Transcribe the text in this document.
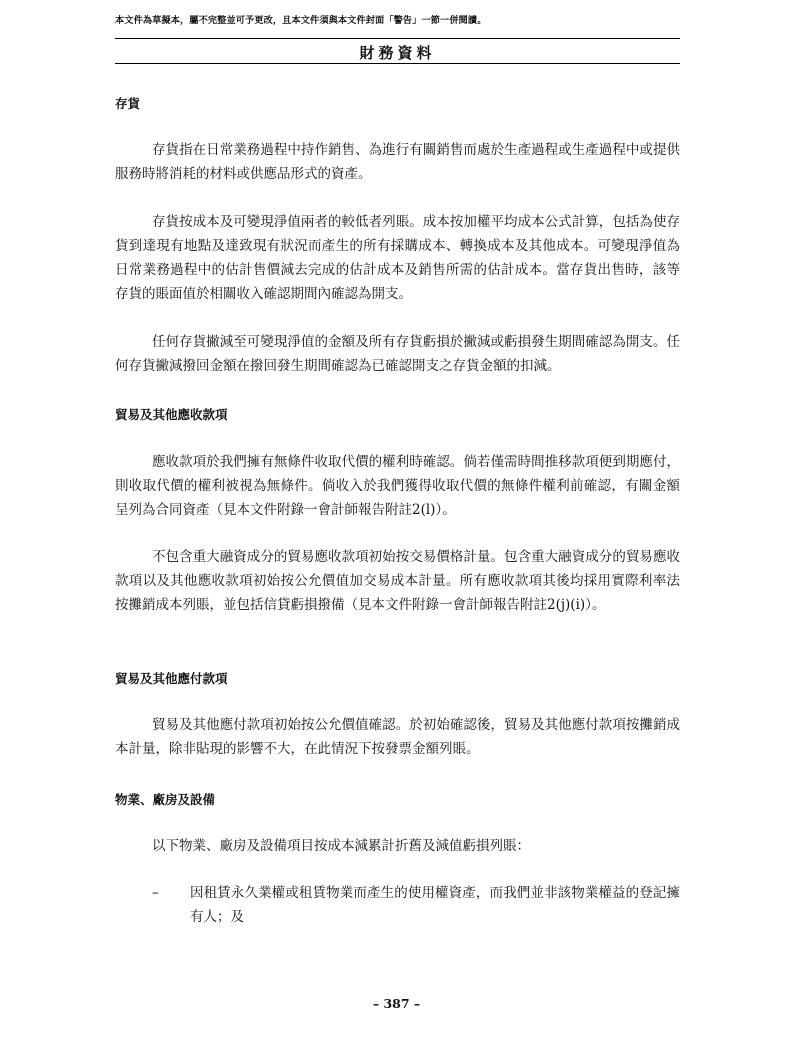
本文件為草擬本，屬不完整並可予更改，且本文件須與本文件封面「警告」一節一併閱讀。
財務資料
存貨
存貨指在日常業務過程中持作銷售、為進行有關銷售而處於生產過程或生產過程中或提供服務時將消耗的材料或供應品形式的資產。
存貨按成本及可變現淨值兩者的較低者列賬。成本按加權平均成本公式計算，包括為使存貨到達現有地點及達致現有狀況而產生的所有採購成本、轉換成本及其他成本。可變現淨值為日常業務過程中的估計售價減去完成的估計成本及銷售所需的估計成本。當存貨出售時，該等存貨的賬面值於相關收入確認期間內確認為開支。
任何存貨撇減至可變現淨值的金額及所有存貨虧損於撇減或虧損發生期間確認為開支。任何存貨撇減撥回金額在撥回發生期間確認為已確認開支之存貨金額的扣減。
貿易及其他應收款項
應收款項於我們擁有無條件收取代價的權利時確認。倘若僅需時間推移款項便到期應付，則收取代價的權利被視為無條件。倘收入於我們獲得收取代價的無條件權利前確認，有關金額呈列為合同資產（見本文件附錄一會計師報告附註2(l)）。
不包含重大融資成分的貿易應收款項初始按交易價格計量。包含重大融資成分的貿易應收款項以及其他應收款項初始按公允價值加交易成本計量。所有應收款項其後均採用實際利率法按攤銷成本列賬，並包括信貸虧損撥備（見本文件附錄一會計師報告附註2(j)(i)）。
貿易及其他應付款項
貿易及其他應付款項初始按公允價值確認。於初始確認後，貿易及其他應付款項按攤銷成本計量，除非貼現的影響不大，在此情況下按發票金額列賬。
物業、廠房及設備
以下物業、廠房及設備項目按成本減累計折舊及減值虧損列賬：
– 因租賃永久業權或租賃物業而產生的使用權資產，而我們並非該物業權益的登記擁有人；及
– 387 –
